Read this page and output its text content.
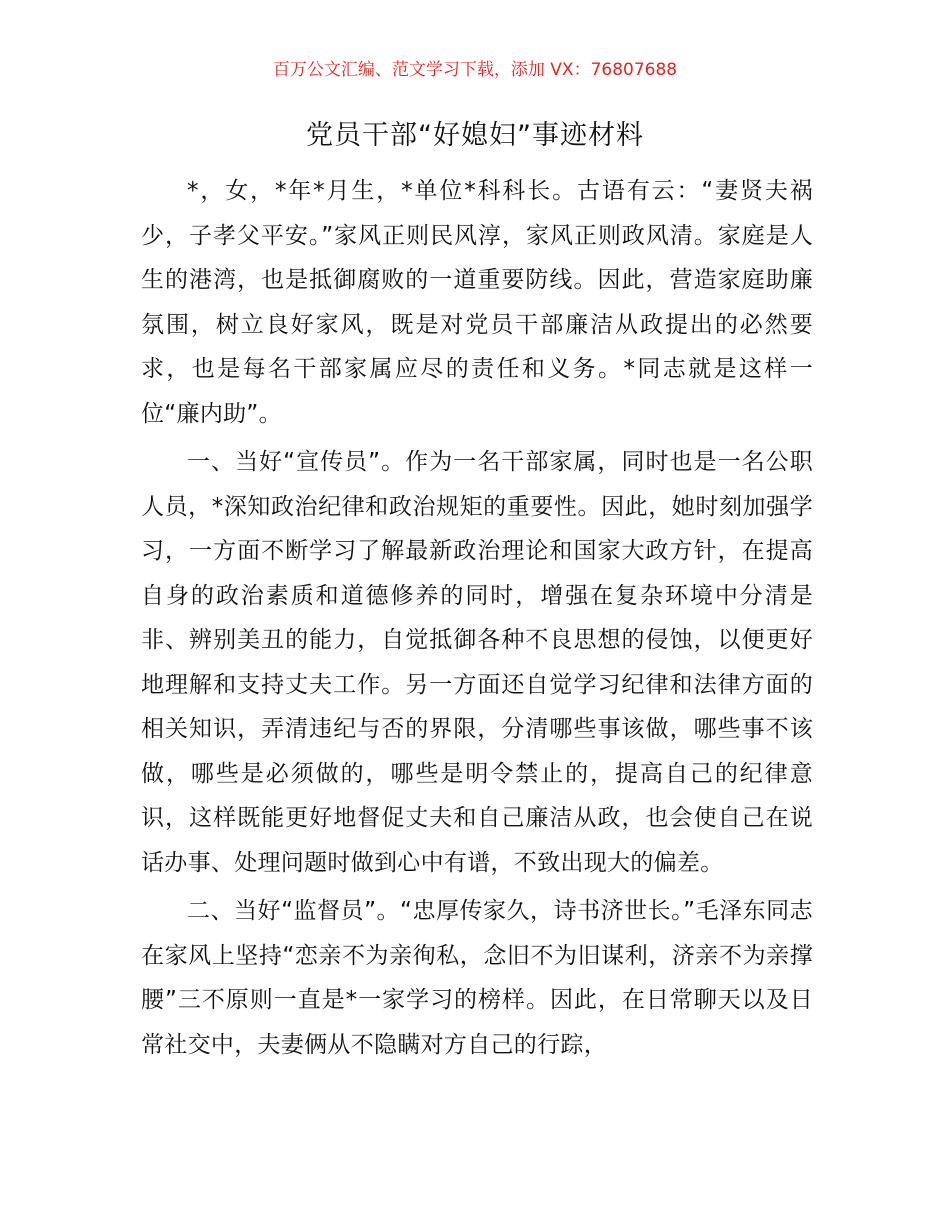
百万公文汇编、范文学习下载，添加 VX：76807688
党员干部“好媳妇”事迹材料

*，女，*年*月生，*单位*科科长。古语有云：“妻贤夫祸少，子孝父平安。”家风正则民风淳，家风正则政风清。家庭是人生的港湾，也是抵御腐败的一道重要防线。因此，营造家庭助廉氛围，树立良好家风，既是对党员干部廉洁从政提出的必然要求，也是每名干部家属应尽的责任和义务。*同志就是这样一位“廉内助”。

一、当好“宣传员”。作为一名干部家属，同时也是一名公职人员，*深知政治纪律和政治规矩的重要性。因此，她时刻加强学习，一方面不断学习了解最新政治理论和国家大政方针，在提高自身的政治素质和道德修养的同时，增强在复杂环境中分清是非、辨别美丑的能力，自觉抵御各种不良思想的侵蚀，以便更好地理解和支持丈夫工作。另一方面还自觉学习纪律和法律方面的相关知识，弄清违纪与否的界限，分清哪些事该做，哪些事不该做，哪些是必须做的，哪些是明令禁止的，提高自己的纪律意识，这样既能更好地督促丈夫和自己廉洁从政，也会使自己在说话办事、处理问题时做到心中有谱，不致出现大的偏差。

二、当好“监督员”。“忠厚传家久，诗书济世长。”毛泽东同志在家风上坚持“恋亲不为亲徇私，念旧不为旧谋利，济亲不为亲撑腰”三不原则一直是*一家学习的榜样。因此，在日常聊天以及日常社交中，夫妻俩从不隐瞒对方自己的行踪，
